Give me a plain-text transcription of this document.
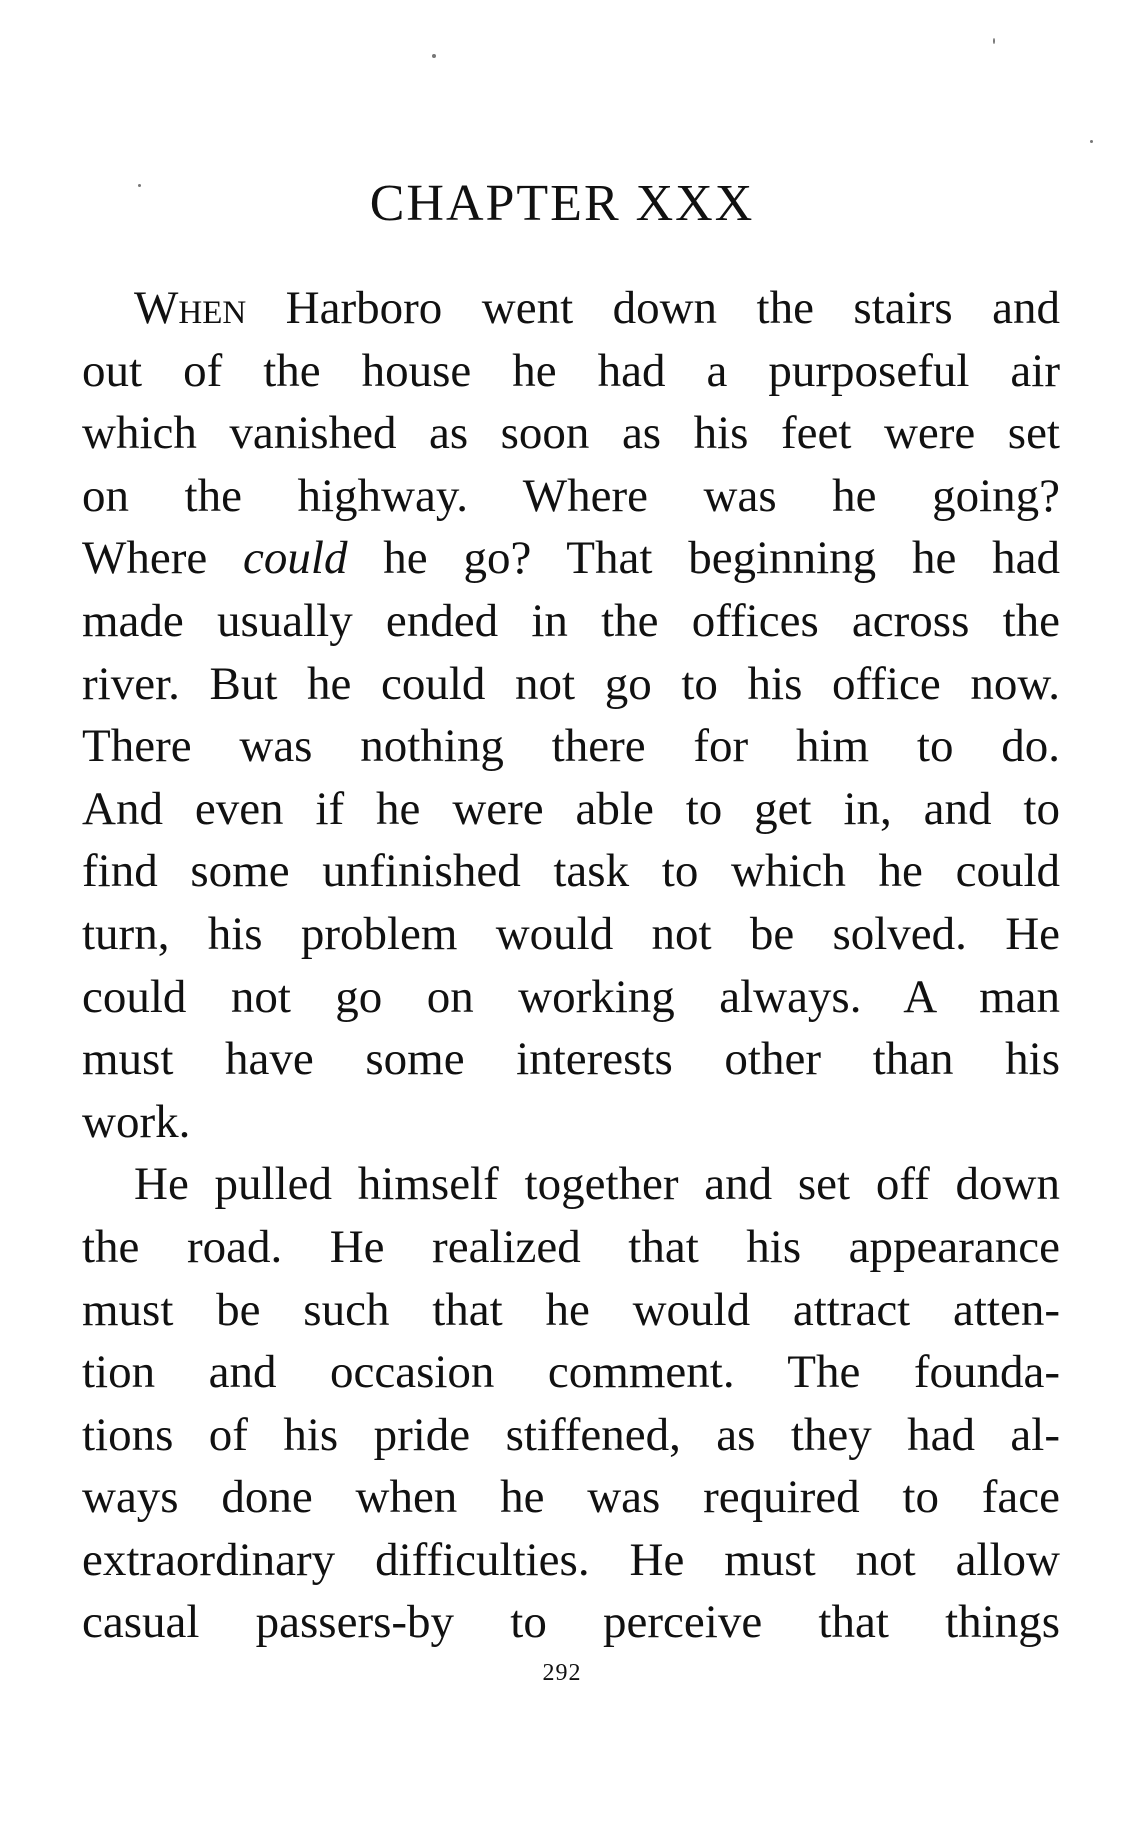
CHAPTER XXX
When Harboro went down the stairs and
out of the house he had a purposeful air
which vanished as soon as his feet were set
on the highway. Where was he going?
Where could he go? That beginning he had
made usually ended in the offices across the
river. But he could not go to his office now.
There was nothing there for him to do.
And even if he were able to get in, and to
find some unfinished task to which he could
turn, his problem would not be solved. He
could not go on working always. A man
must have some interests other than his
work.
He pulled himself together and set off down
the road. He realized that his appearance
must be such that he would attract atten-
tion and occasion comment. The founda-
tions of his pride stiffened, as they had al-
ways done when he was required to face
extraordinary difficulties. He must not allow
casual passers-by to perceive that things
292
